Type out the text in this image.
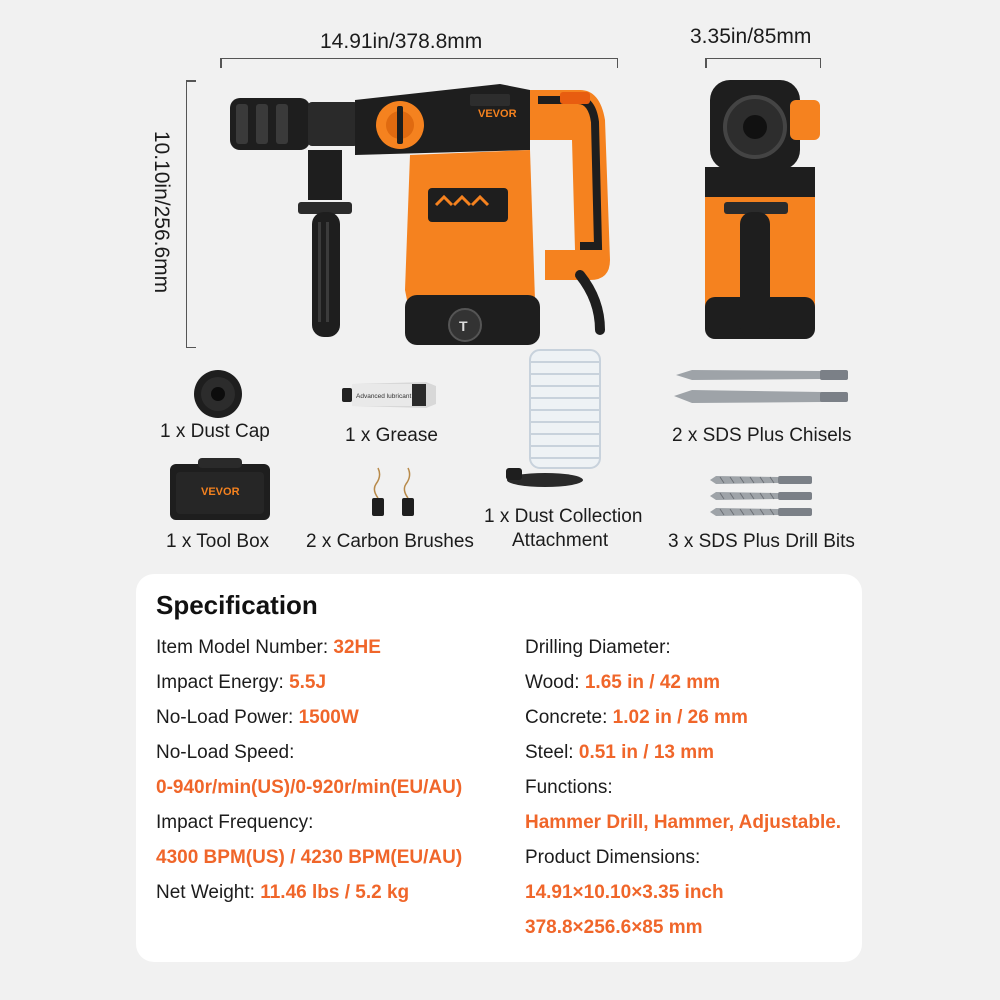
14.91in/378.8mm	3.35in/85mm
10.10in/256.6mm
VEVOR
T
1 x Dust Cap
Advanced lubricant
1 x Grease
1 x Dust Collection
Attachment
2 x SDS Plus Chisels
VEVOR
1 x Tool Box 2 x Carbon Brushes	3 x SDS Plus Drill Bits
Specification
Item Model Number: 32HE
Impact Energy: 5.5J
No-Load Power: 1500W
No-Load Speed:
0-940r/min(US)/0-920r/min(EU/AU)
Impact Frequency:
4300 BPM(US) / 4230 BPM(EU/AU)
Net Weight: 11.46 lbs / 5.2 kg
Drilling Diameter:
Wood: 1.65 in / 42 mm
Concrete: 1.02 in / 26 mm
Steel: 0.51 in / 13 mm
Functions:
Hammer Drill, Hammer, Adjustable.
Product Dimensions:
14.91×10.10×3.35 inch
378.8×256.6×85 mm
